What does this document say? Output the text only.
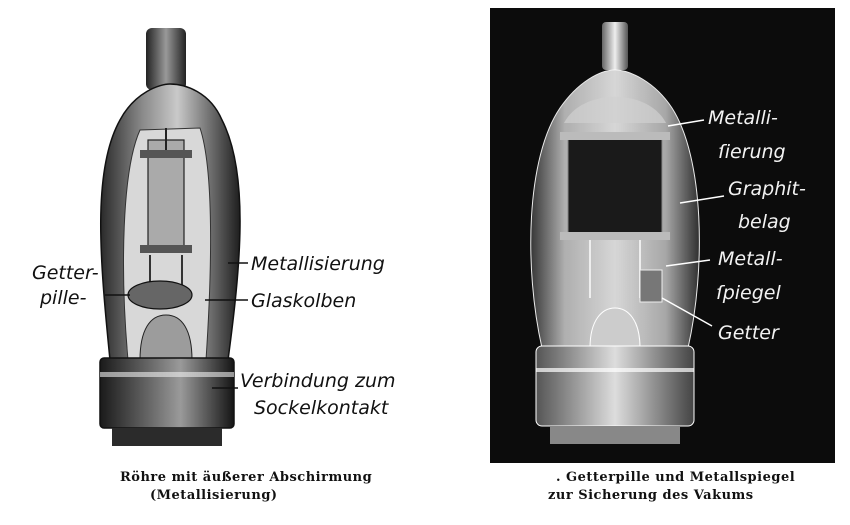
Getter-
pille-
Metallisierung
Glaskolben
Verbindung zum
Sockelkontakt
Röhre mit äußerer Abschirmung
(Metallisierung)
Metalli-
ſierung
Graphit-
belag
Metall-
ſpiegel
Getter
. Getterpille und Metallspiegel
zur Sicherung des Vakums
